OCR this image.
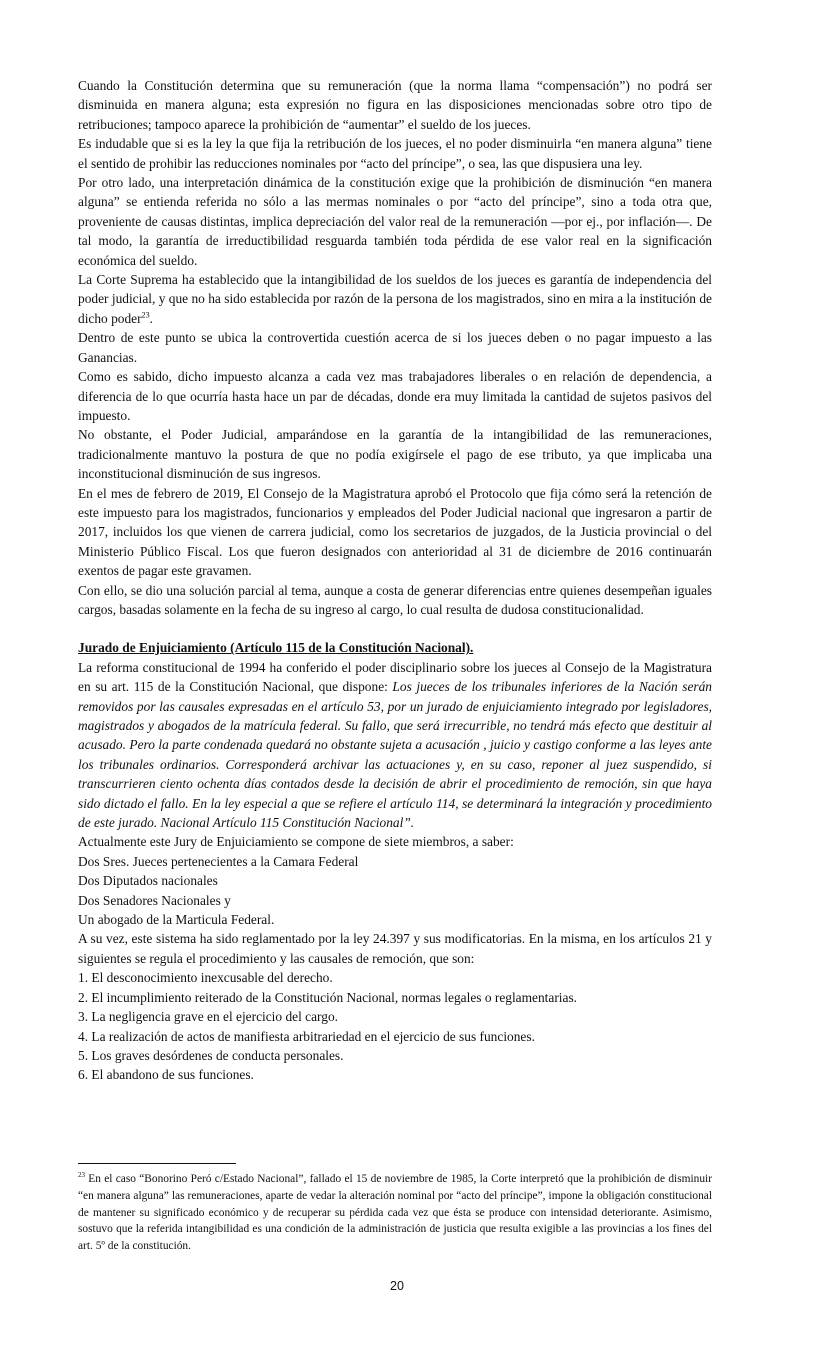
Cuando la Constitución determina que su remuneración (que la norma llama “compensación”) no podrá ser disminuida en manera alguna; esta expresión no figura en las disposiciones mencionadas sobre otro tipo de retribuciones; tampoco aparece la prohibición de “aumentar” el sueldo de los jueces.

Es indudable que si es la ley la que fija la retribución de los jueces, el no poder disminuirla “en manera alguna” tiene el sentido de prohibir las reducciones nominales por “acto del príncipe”, o sea, las que dispusiera una ley.

Por otro lado, una interpretación dinámica de la constitución exige que la prohibición de disminución “en manera alguna” se entienda referida no sólo a las mermas nominales o por “acto del príncipe”, sino a toda otra que, proveniente de causas distintas, implica depreciación del valor real de la remuneración —por ej., por inflación—. De tal modo, la garantía de irreductibilidad resguarda también toda pérdida de ese valor real en la significación económica del sueldo.

La Corte Suprema ha establecido que la intangibilidad de los sueldos de los jueces es garantía de independencia del poder judicial, y que no ha sido establecida por razón de la persona de los magistrados, sino en mira a la institución de dicho poder$^{23}$.

Dentro de este punto se ubica la controvertida cuestión acerca de si los jueces deben o no pagar impuesto a las Ganancias.

Como es sabido, dicho impuesto alcanza a cada vez mas trabajadores liberales o en relación de dependencia, a diferencia de lo que ocurría hasta hace un par de décadas, donde era muy limitada la cantidad de sujetos pasivos del impuesto.

No obstante, el Poder Judicial, amparándose en la garantía de la intangibilidad de las remuneraciones, tradicionalmente mantuvo la postura de que no podía exigírsele el pago de ese tributo, ya que implicaba una inconstitucional disminución de sus ingresos.

En el mes de febrero de 2019, El Consejo de la Magistratura aprobó el Protocolo que fija cómo será la retención de este impuesto para los magistrados, funcionarios y empleados del Poder Judicial nacional que ingresaron a partir de 2017, incluidos los que vienen de carrera judicial, como los secretarios de juzgados, de la Justicia provincial o del Ministerio Público Fiscal. Los que fueron designados con anterioridad al 31 de diciembre de 2016 continuarán exentos de pagar este gravamen.

Con ello, se dio una solución parcial al tema, aunque a costa de generar diferencias entre quienes desempeñan iguales cargos, basadas solamente en la fecha de su ingreso al cargo, lo cual resulta de dudosa constitucionalidad.

Jurado de Enjuiciamiento (Artículo 115 de la Constitución Nacional).

La reforma constitucional de 1994 ha conferido el poder disciplinario sobre los jueces al Consejo de la Magistratura en su art. 115 de la Constitución Nacional, que dispone: Los jueces de los tribunales inferiores de la Nación serán removidos por las causales expresadas en el artículo 53, por un jurado de enjuiciamiento integrado por legisladores, magistrados y abogados de la matrícula federal. Su fallo, que será irrecurrible, no tendrá más efecto que destituir al acusado. Pero la parte condenada quedará no obstante sujeta a acusación , juicio y castigo conforme a las leyes ante los tribunales ordinarios. Corresponderá archivar las actuaciones y, en su caso, reponer al juez suspendido, si transcurrieren ciento ochenta días contados desde la decisión de abrir el procedimiento de remoción, sin que haya sido dictado el fallo. En la ley especial a que se refiere el artículo 114, se determinará la integración y procedimiento de este jurado. Nacional Artículo 115 Constitución Nacional”.

Actualmente este Jury de Enjuiciamiento se compone de siete miembros, a saber:

Dos Sres. Jueces pertenecientes a la Camara Federal

Dos Diputados nacionales

Dos Senadores Nacionales y

Un abogado de la Marticula Federal.

A su vez, este sistema ha sido reglamentado por la ley 24.397 y sus modificatorias. En la misma, en los artículos 21 y siguientes se regula el procedimiento y las causales de remoción, que son:

1. El desconocimiento inexcusable del derecho.

2. El incumplimiento reiterado de la Constitución Nacional, normas legales o reglamentarias.

3. La negligencia grave en el ejercicio del cargo.

4. La realización de actos de manifiesta arbitrariedad en el ejercicio de sus funciones.

5. Los graves desórdenes de conducta personales.

6. El abandono de sus funciones.

$^{23}$ En el caso “Bonorino Peró c/Estado Nacional”, fallado el 15 de noviembre de 1985, la Corte interpretó que la prohibición de disminuir “en manera alguna” las remuneraciones, aparte de vedar la alteración nominal por “acto del príncipe”, impone la obligación constitucional de mantener su significado económico y de recuperar su pérdida cada vez que ésta se produce con intensidad deteriorante. Asimismo, sostuvo que la referida intangibilidad es una condición de la administración de justicia que resulta exigible a las provincias a los fines del art. 5º de la constitución.
20
